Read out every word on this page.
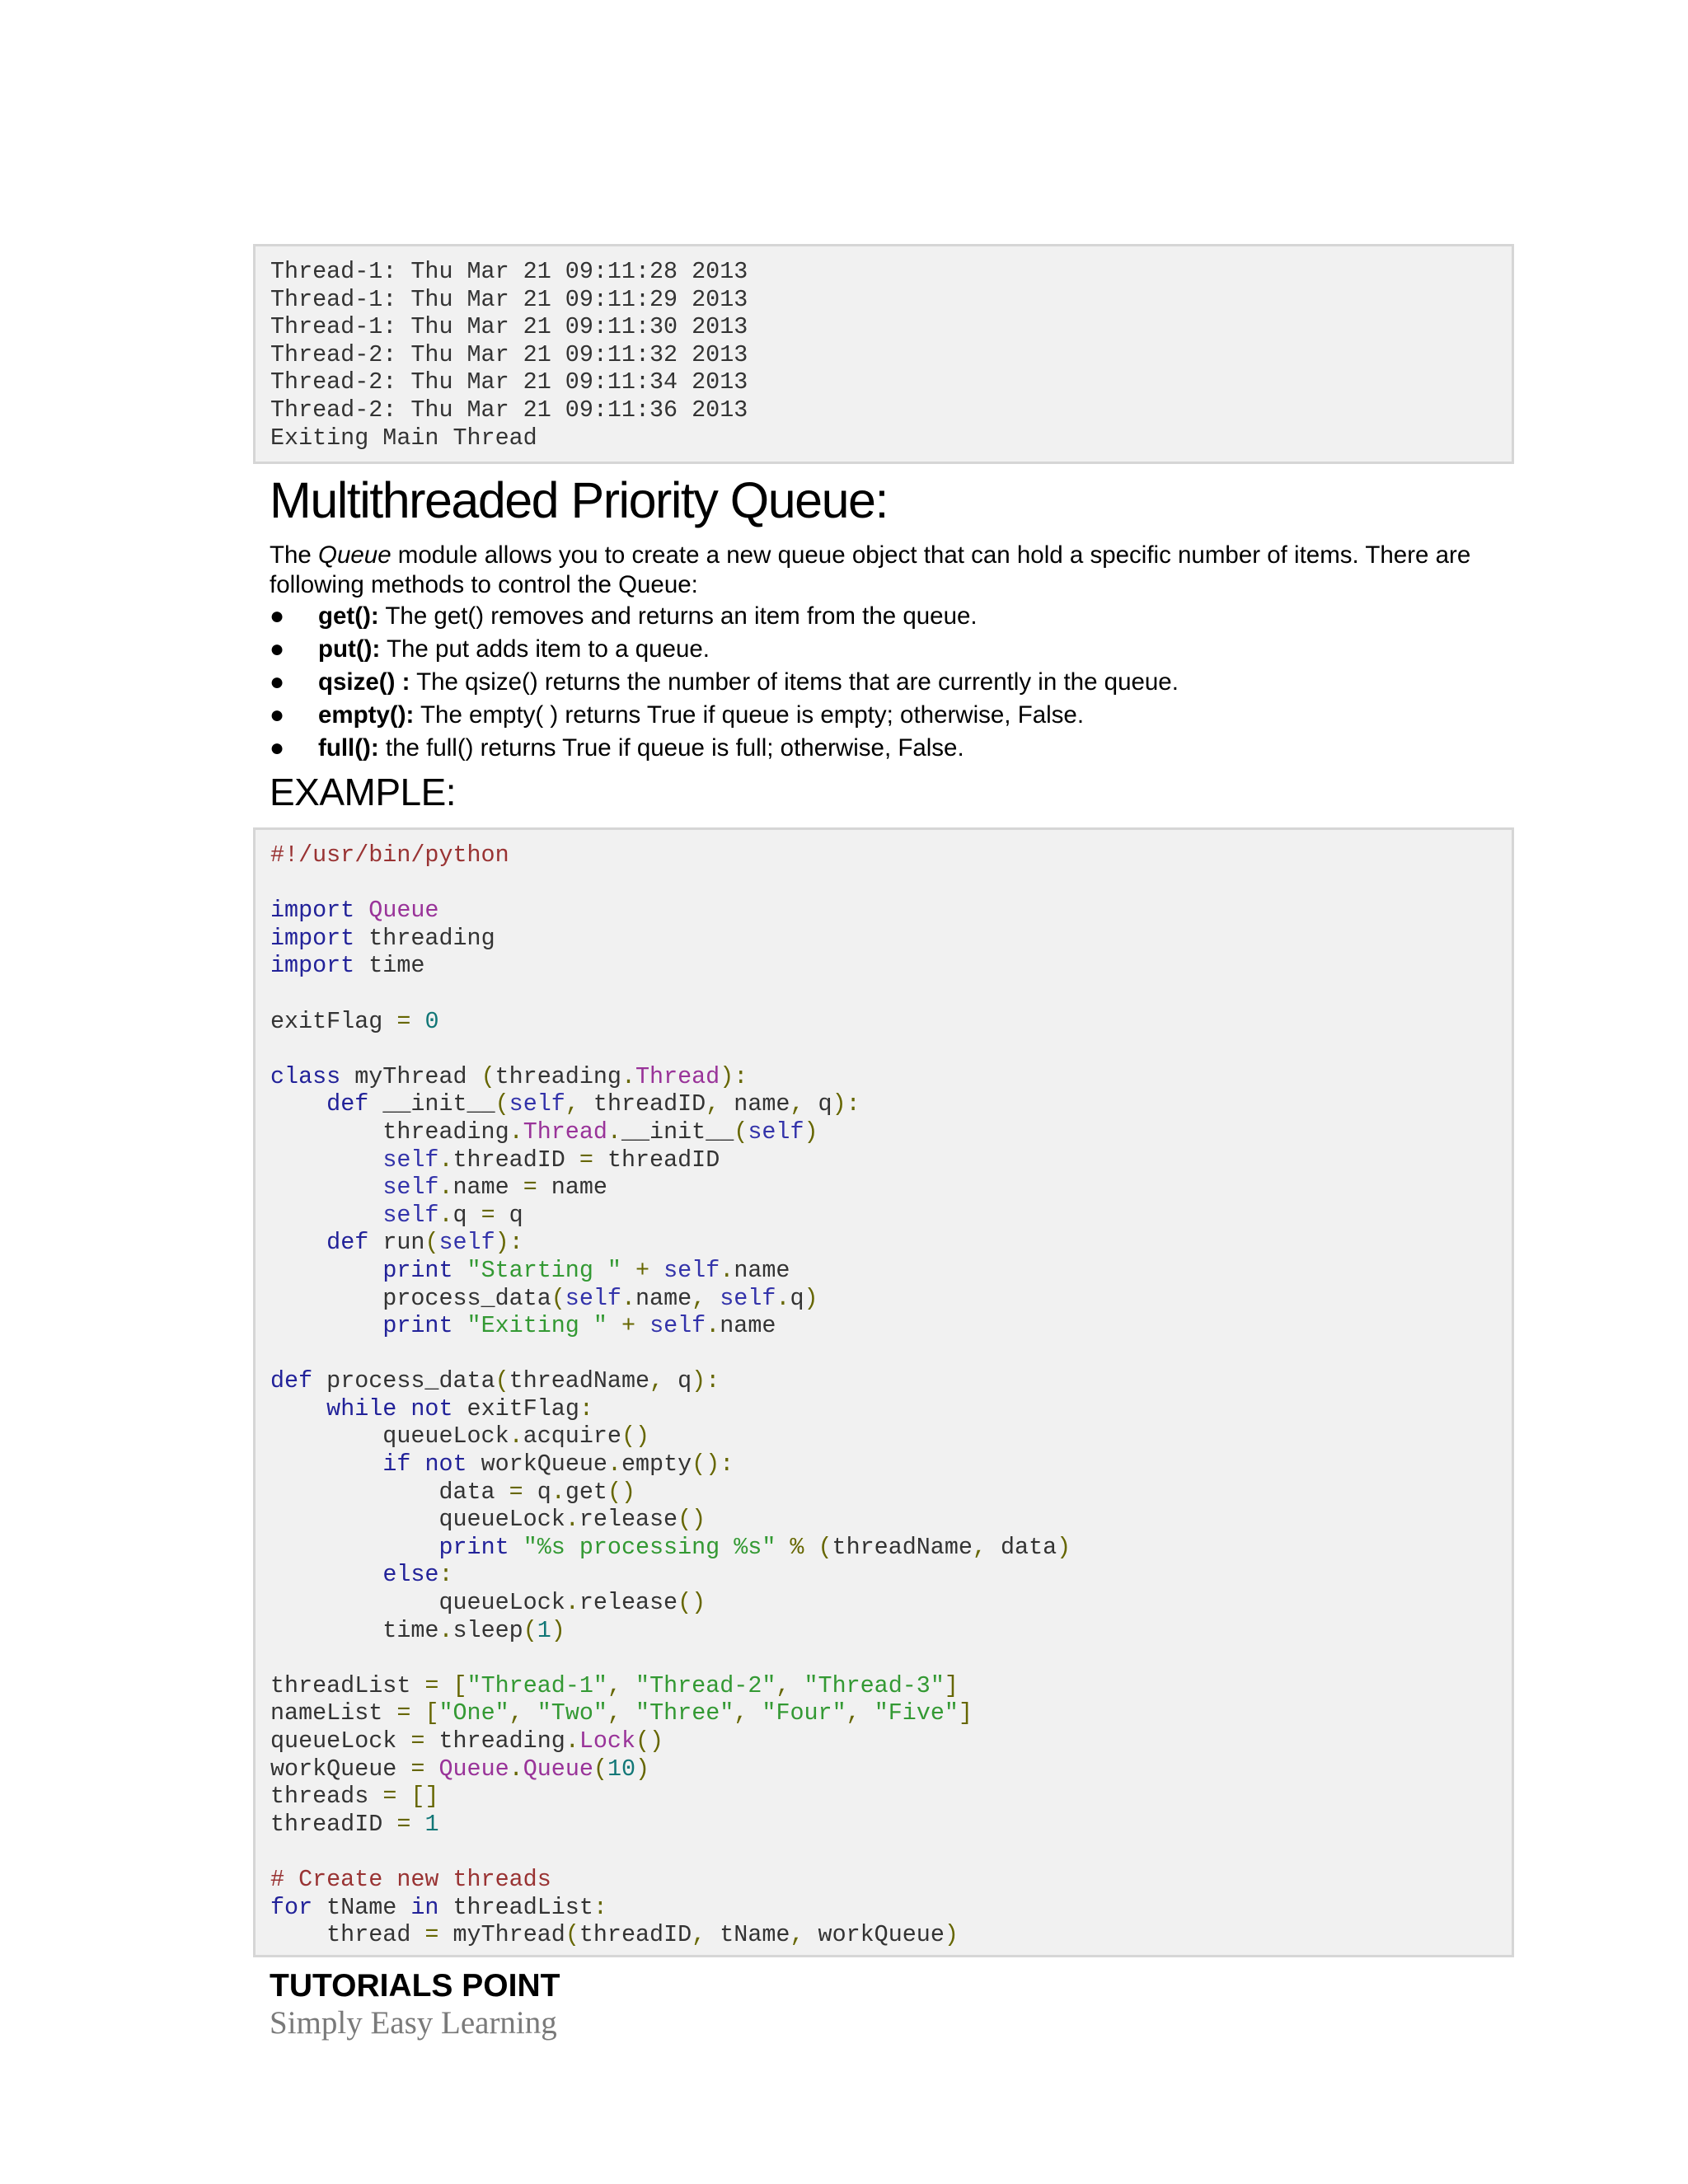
Thread-1: Thu Mar 21 09:11:28 2013
Thread-1: Thu Mar 21 09:11:29 2013
Thread-1: Thu Mar 21 09:11:30 2013
Thread-2: Thu Mar 21 09:11:32 2013
Thread-2: Thu Mar 21 09:11:34 2013
Thread-2: Thu Mar 21 09:11:36 2013
Exiting Main Thread
Multithreaded Priority Queue:

The Queue module allows you to create a new queue object that can hold a specific number of items. There are following methods to control the Queue:

● get(): The get() removes and returns an item from the queue.
● put(): The put adds item to a queue.
● qsize() : The qsize() returns the number of items that are currently in the queue.
● empty(): The empty( ) returns True if queue is empty; otherwise, False.
● full(): the full() returns True if queue is full; otherwise, False.
EXAMPLE:
#!/usr/bin/python
import Queue
import threading
import time
exitFlag = 0
class myThread (threading.Thread):
def __init__(self, threadID, name, q):
threading.Thread.__init__(self)
self.threadID = threadID
self.name = name
self.q = q
def run(self):
print "Starting " + self.name
process_data(self.name, self.q)
print "Exiting " + self.name
def process_data(threadName, q):
while not exitFlag:
queueLock.acquire()
if not workQueue.empty():
data = q.get()
queueLock.release()
print "%s processing %s" % (threadName, data)
else:
queueLock.release()
time.sleep(1)
threadList = ["Thread-1", "Thread-2", "Thread-3"]
nameList = ["One", "Two", "Three", "Four", "Five"]
queueLock = threading.Lock()
workQueue = Queue.Queue(10)
threads = []
threadID = 1
# Create new threads
for tName in threadList:
thread = myThread(threadID, tName, workQueue)
TUTORIALS POINT
Simply Easy Learning
